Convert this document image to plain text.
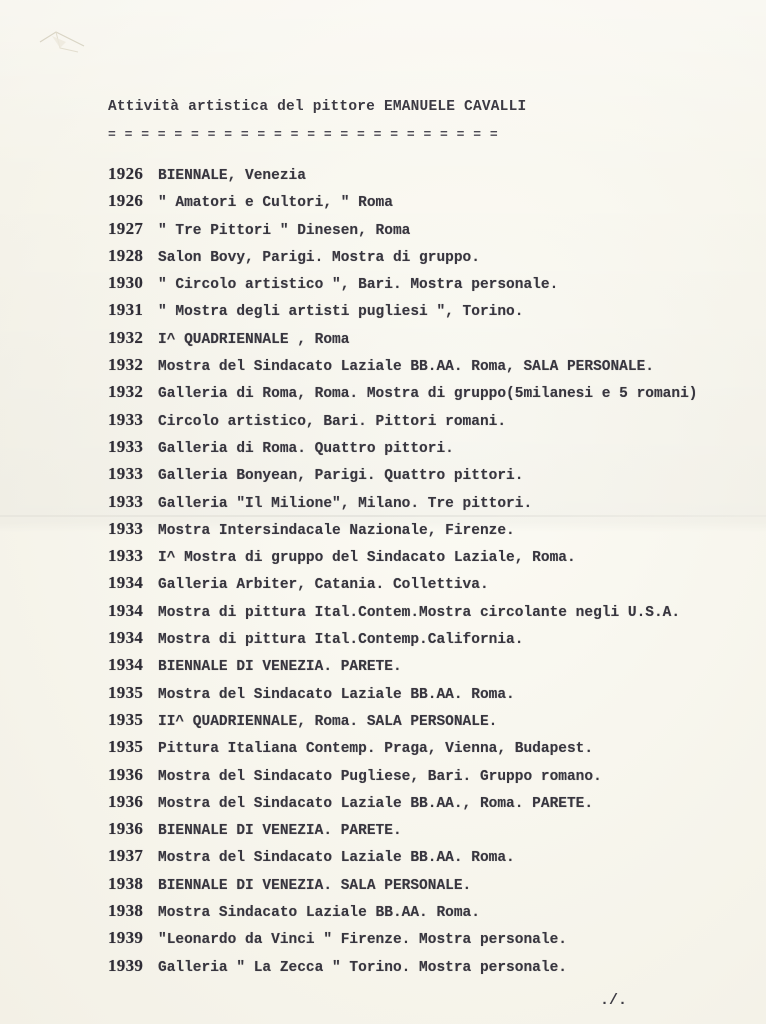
Attività artistica del pittore EMANUELE CAVALLI
= = = = = = = = = = = = = = = = = = = = = = = =
1926 BIENNALE, Venezia
1926 " Amatori e Cultori, " Roma
1927 " Tre Pittori " Dinesen, Roma
1928 Salon Bovy, Parigi. Mostra di gruppo.
1930 " Circolo artistico ", Bari. Mostra personale.
1931 " Mostra degli artisti pugliesi ", Torino.
1932 I^ QUADRIENNALE , Roma
1932 Mostra del Sindacato Laziale BB.AA. Roma, SALA PERSONALE.
1932 Galleria di Roma, Roma. Mostra di gruppo(5milanesi e 5 romani)
1933 Circolo artistico, Bari. Pittori romani.
1933 Galleria di Roma. Quattro pittori.
1933 Galleria Bonyean, Parigi. Quattro pittori.
1933 Galleria "Il Milione", Milano. Tre pittori.
1933 Mostra Intersindacale Nazionale, Firenze.
1933 I^ Mostra di gruppo del Sindacato Laziale, Roma.
1934 Galleria Arbiter, Catania. Collettiva.
1934 Mostra di pittura Ital.Contem.Mostra circolante negli U.S.A.
1934 Mostra di pittura Ital.Contemp.California.
1934 BIENNALE DI VENEZIA. PARETE.
1935 Mostra del Sindacato Laziale BB.AA. Roma.
1935 II^ QUADRIENNALE, Roma. SALA PERSONALE.
1935 Pittura Italiana Contemp. Praga, Vienna, Budapest.
1936 Mostra del Sindacato Pugliese, Bari. Gruppo romano.
1936 Mostra del Sindacato Laziale BB.AA., Roma. PARETE.
1936 BIENNALE DI VENEZIA. PARETE.
1937 Mostra del Sindacato Laziale BB.AA. Roma.
1938 BIENNALE DI VENEZIA. SALA PERSONALE.
1938 Mostra Sindacato Laziale BB.AA. Roma.
1939 "Leonardo da Vinci " Firenze. Mostra personale.
1939 Galleria " La Zecca " Torino. Mostra personale.
./.
